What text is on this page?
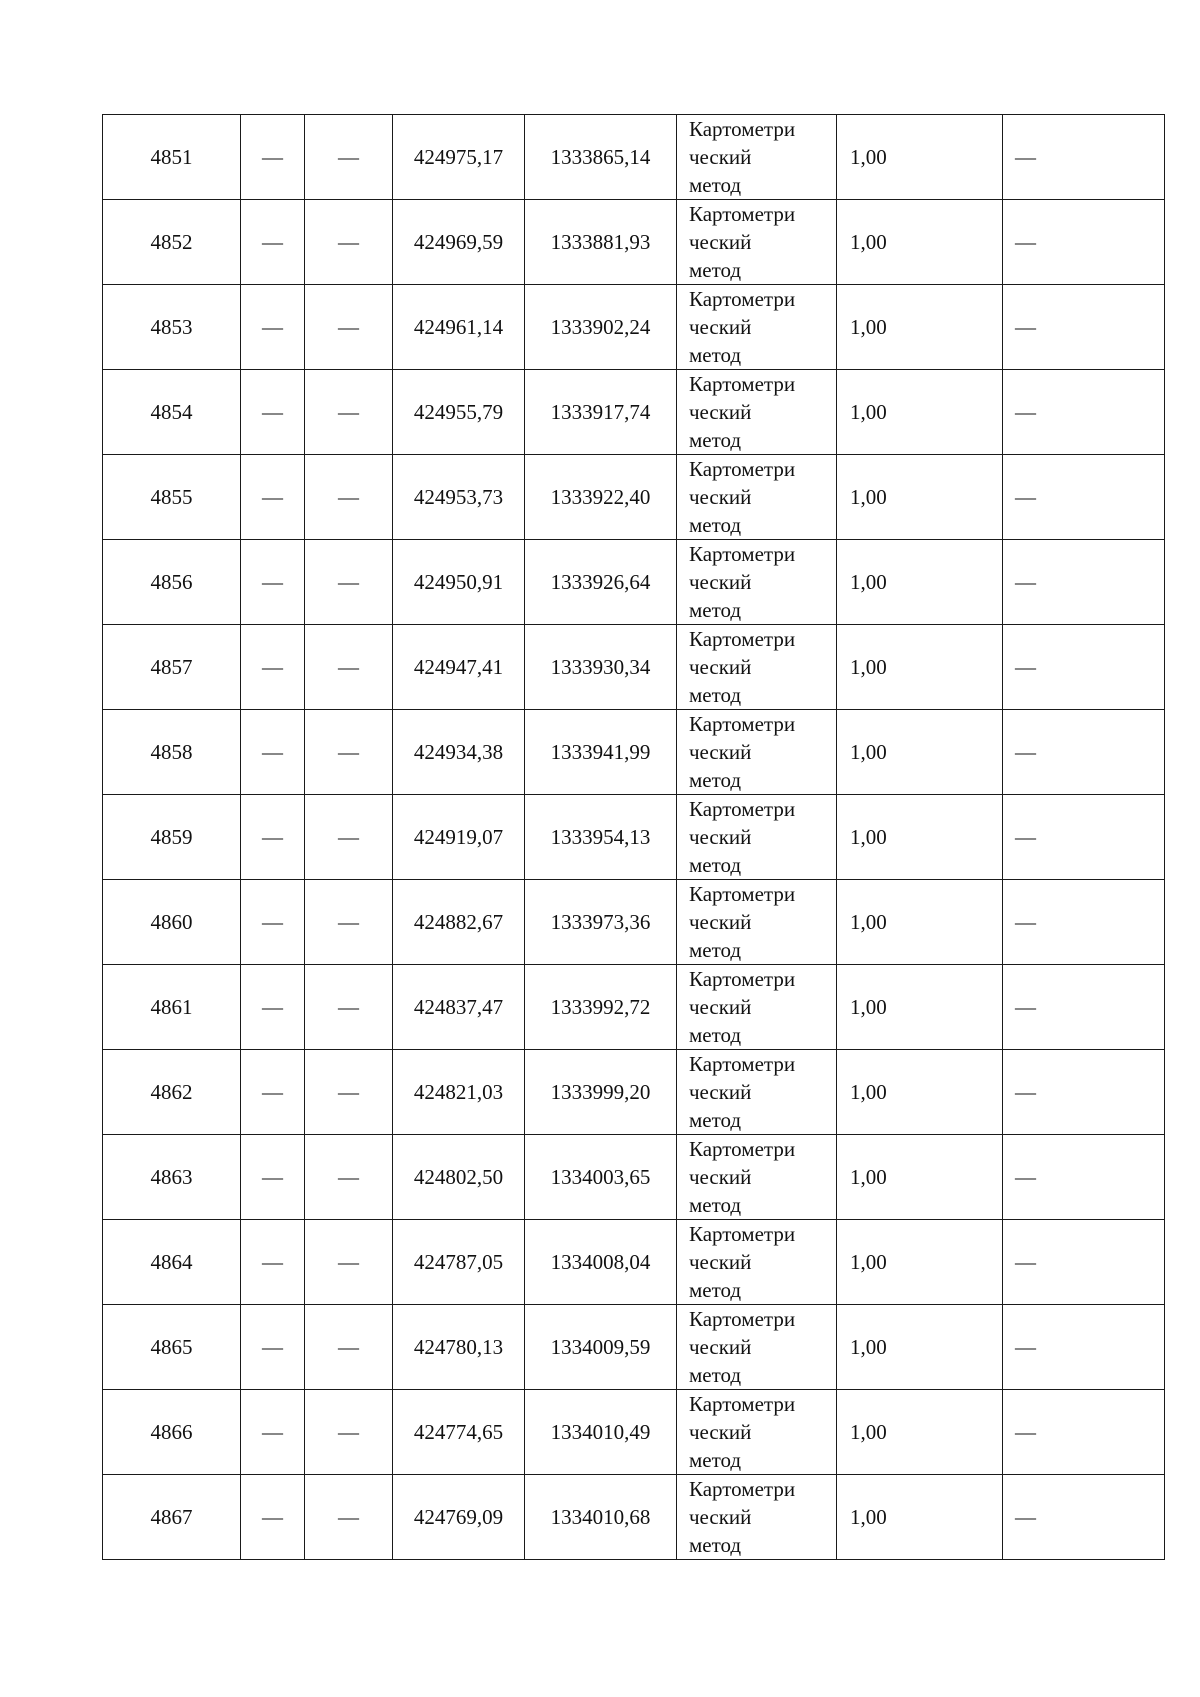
4851	—	—	424975,17	1333865,14	Картометри
ческий
метод	1,00	—
4852	—	—	424969,59	1333881,93	Картометри
ческий
метод	1,00	—
4853	—	—	424961,14	1333902,24	Картометри
ческий
метод	1,00	—
4854	—	—	424955,79	1333917,74	Картометри
ческий
метод	1,00	—
4855	—	—	424953,73	1333922,40	Картометри
ческий
метод	1,00	—
4856	—	—	424950,91	1333926,64	Картометри
ческий
метод	1,00	—
4857	—	—	424947,41	1333930,34	Картометри
ческий
метод	1,00	—
4858	—	—	424934,38	1333941,99	Картометри
ческий
метод	1,00	—
4859	—	—	424919,07	1333954,13	Картометри
ческий
метод	1,00	—
4860	—	—	424882,67	1333973,36	Картометри
ческий
метод	1,00	—
4861	—	—	424837,47	1333992,72	Картометри
ческий
метод	1,00	—
4862	—	—	424821,03	1333999,20	Картометри
ческий
метод	1,00	—
4863	—	—	424802,50	1334003,65	Картометри
ческий
метод	1,00	—
4864	—	—	424787,05	1334008,04	Картометри
ческий
метод	1,00	—
4865	—	—	424780,13	1334009,59	Картометри
ческий
метод	1,00	—
4866	—	—	424774,65	1334010,49	Картометри
ческий
метод	1,00	—
4867	—	—	424769,09	1334010,68	Картометри
ческий
метод	1,00	—
